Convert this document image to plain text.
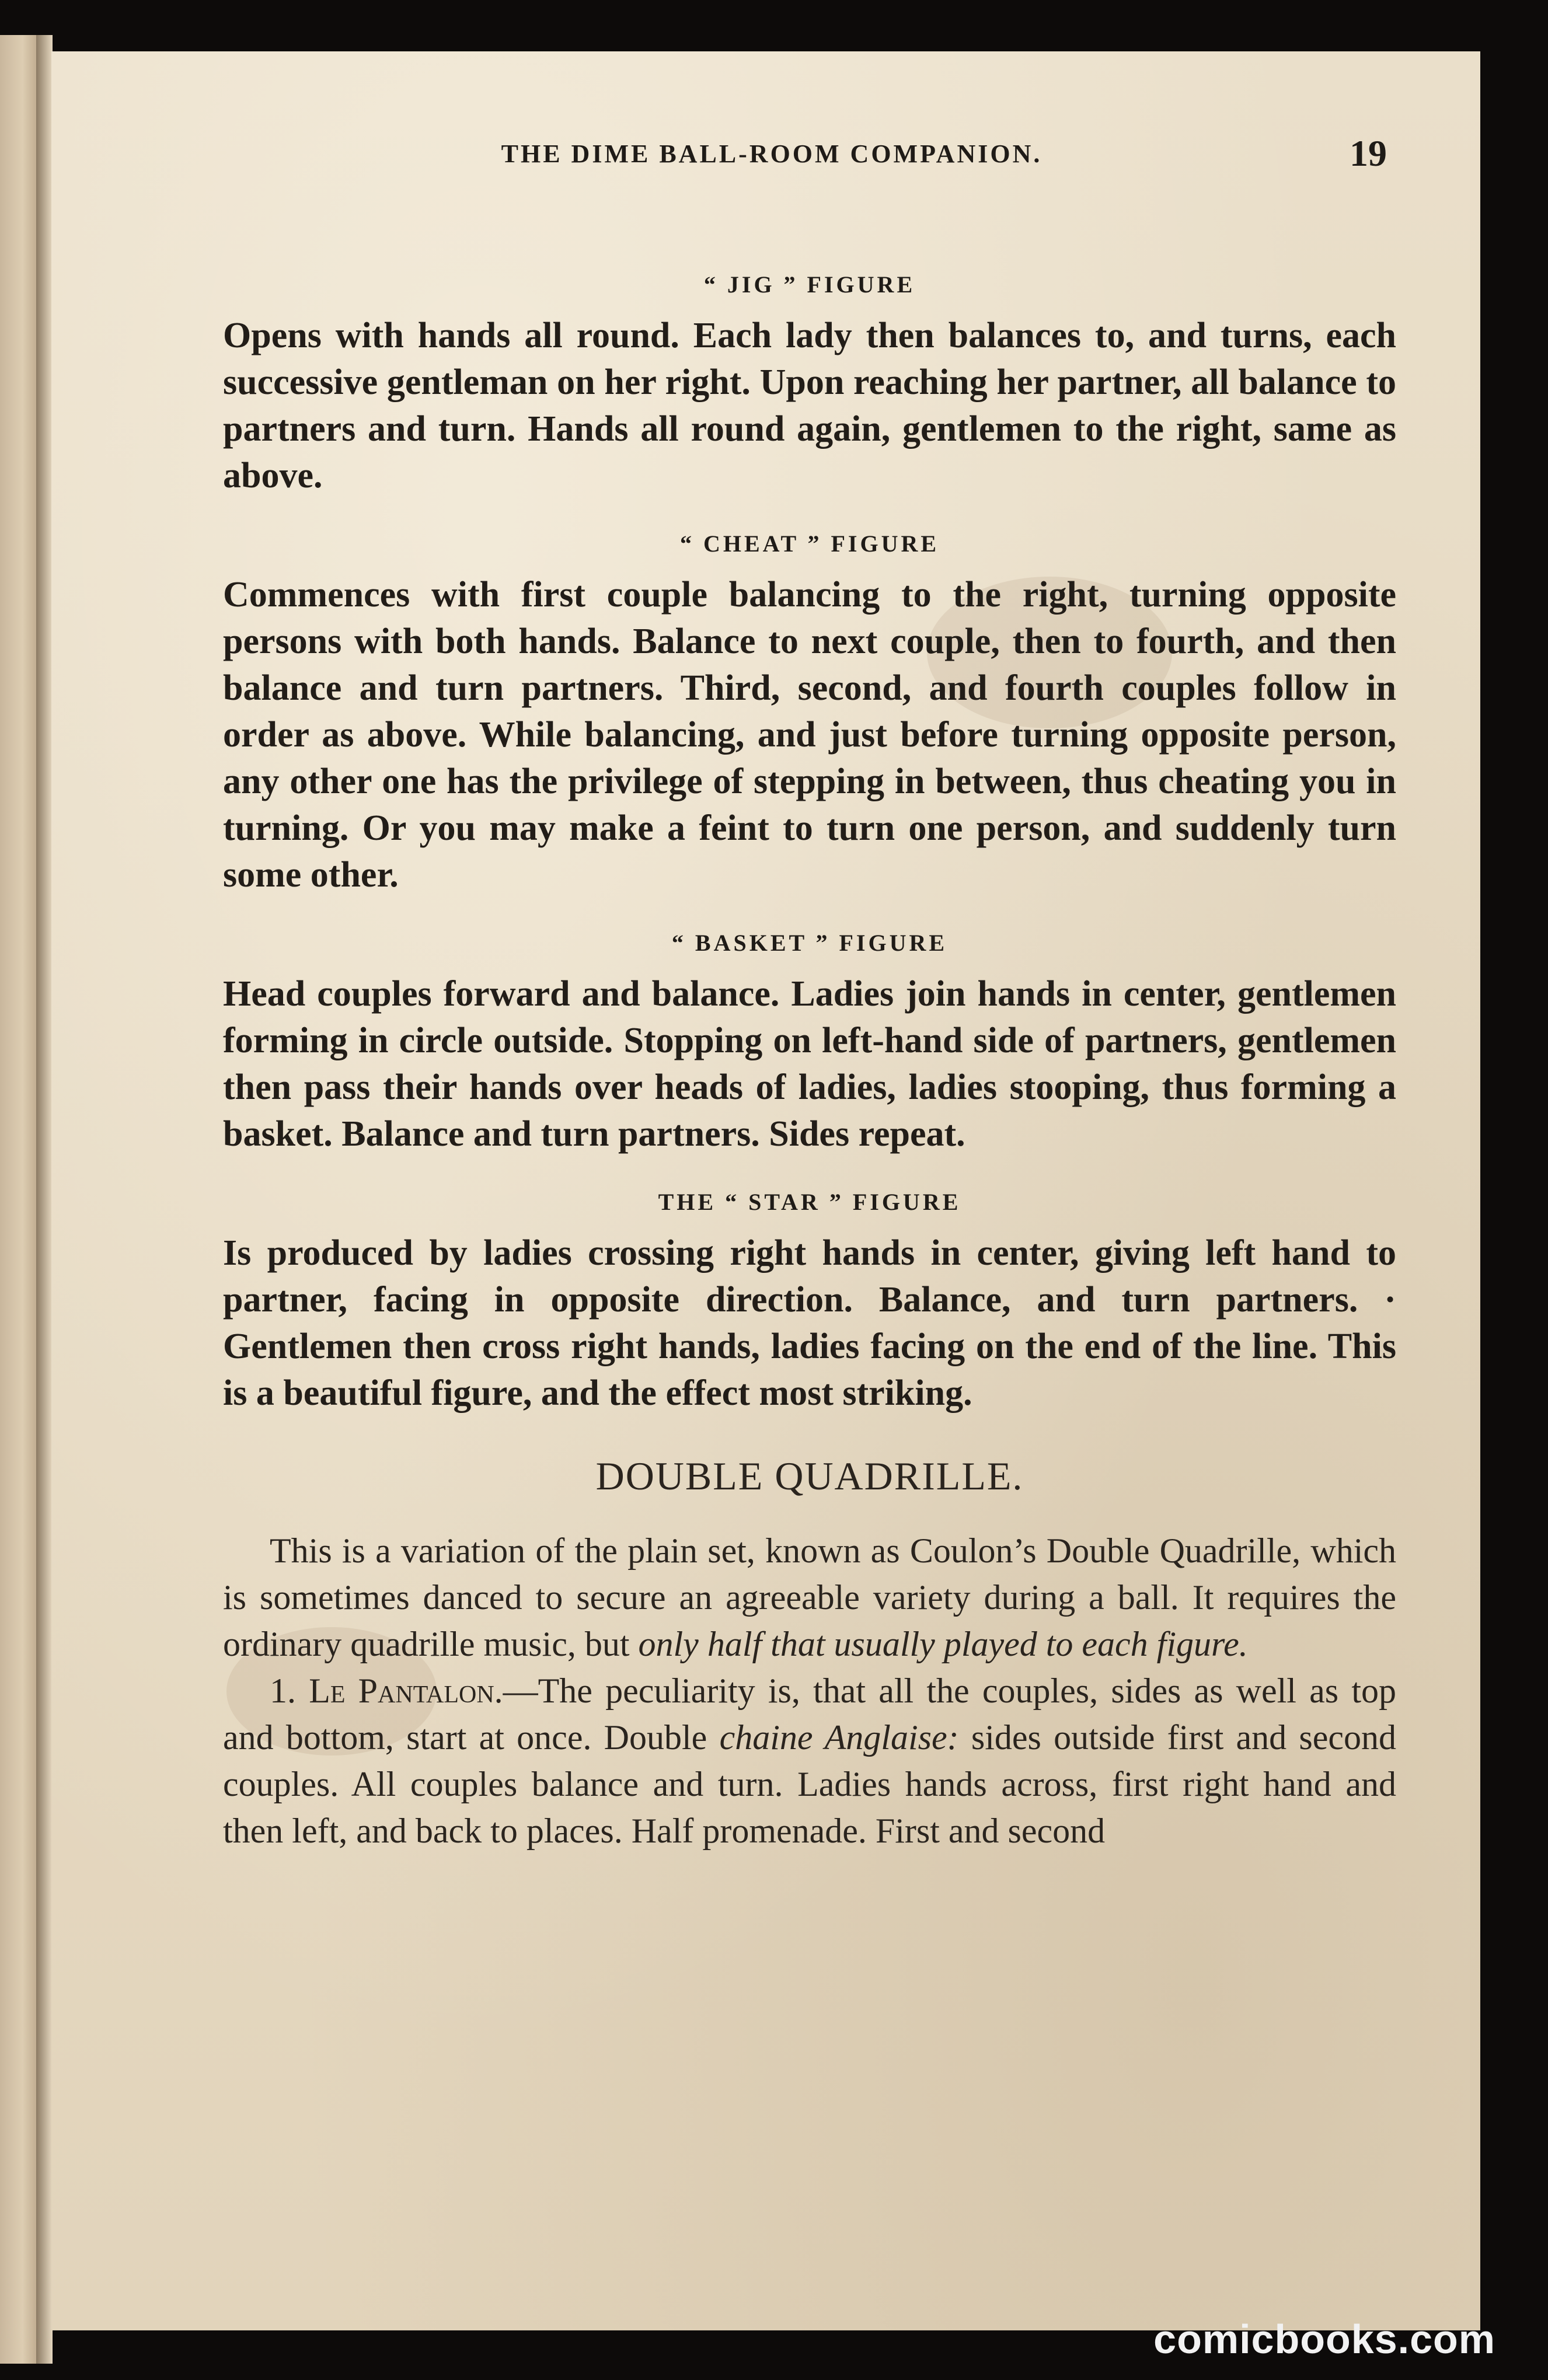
THE DIME BALL-ROOM COMPANION.	19
“ JIG ” FIGURE

Opens with hands all round. Each lady then balances to, and turns, each successive gentleman on her right. Upon reaching her partner, all balance to partners and turn. Hands all round again, gentlemen to the right, same as above.

“ CHEAT ” FIGURE

Commences with first couple balancing to the right, turning opposite persons with both hands. Balance to next couple, then to fourth, and then balance and turn partners. Third, second, and fourth couples follow in order as above. While balancing, and just before turning opposite person, any other one has the privilege of stepping in between, thus cheating you in turning. Or you may make a feint to turn one person, and suddenly turn some other.

“ BASKET ” FIGURE

Head couples forward and balance. Ladies join hands in center, gentlemen forming in circle outside. Stopping on left-hand side of partners, gentlemen then pass their hands over heads of ladies, ladies stooping, thus forming a basket. Balance and turn partners. Sides repeat.

THE “ STAR ” FIGURE

Is produced by ladies crossing right hands in center, giving left hand to partner, facing in opposite direction. Balance, and turn partners. · Gentlemen then cross right hands, ladies facing on the end of the line. This is a beautiful figure, and the effect most striking.

DOUBLE QUADRILLE.

This is a variation of the plain set, known as Coulon’s Double Quadrille, which is sometimes danced to secure an agreeable variety during a ball. It requires the ordinary quadrille music, but only half that usually played to each figure.

1. Le Pantalon.—The peculiarity is, that all the couples, sides as well as top and bottom, start at once. Double chaine Anglaise: sides outside first and second couples. All couples balance and turn. Ladies hands across, first right hand and then left, and back to places. Half promenade. First and second

comicbooks.com
